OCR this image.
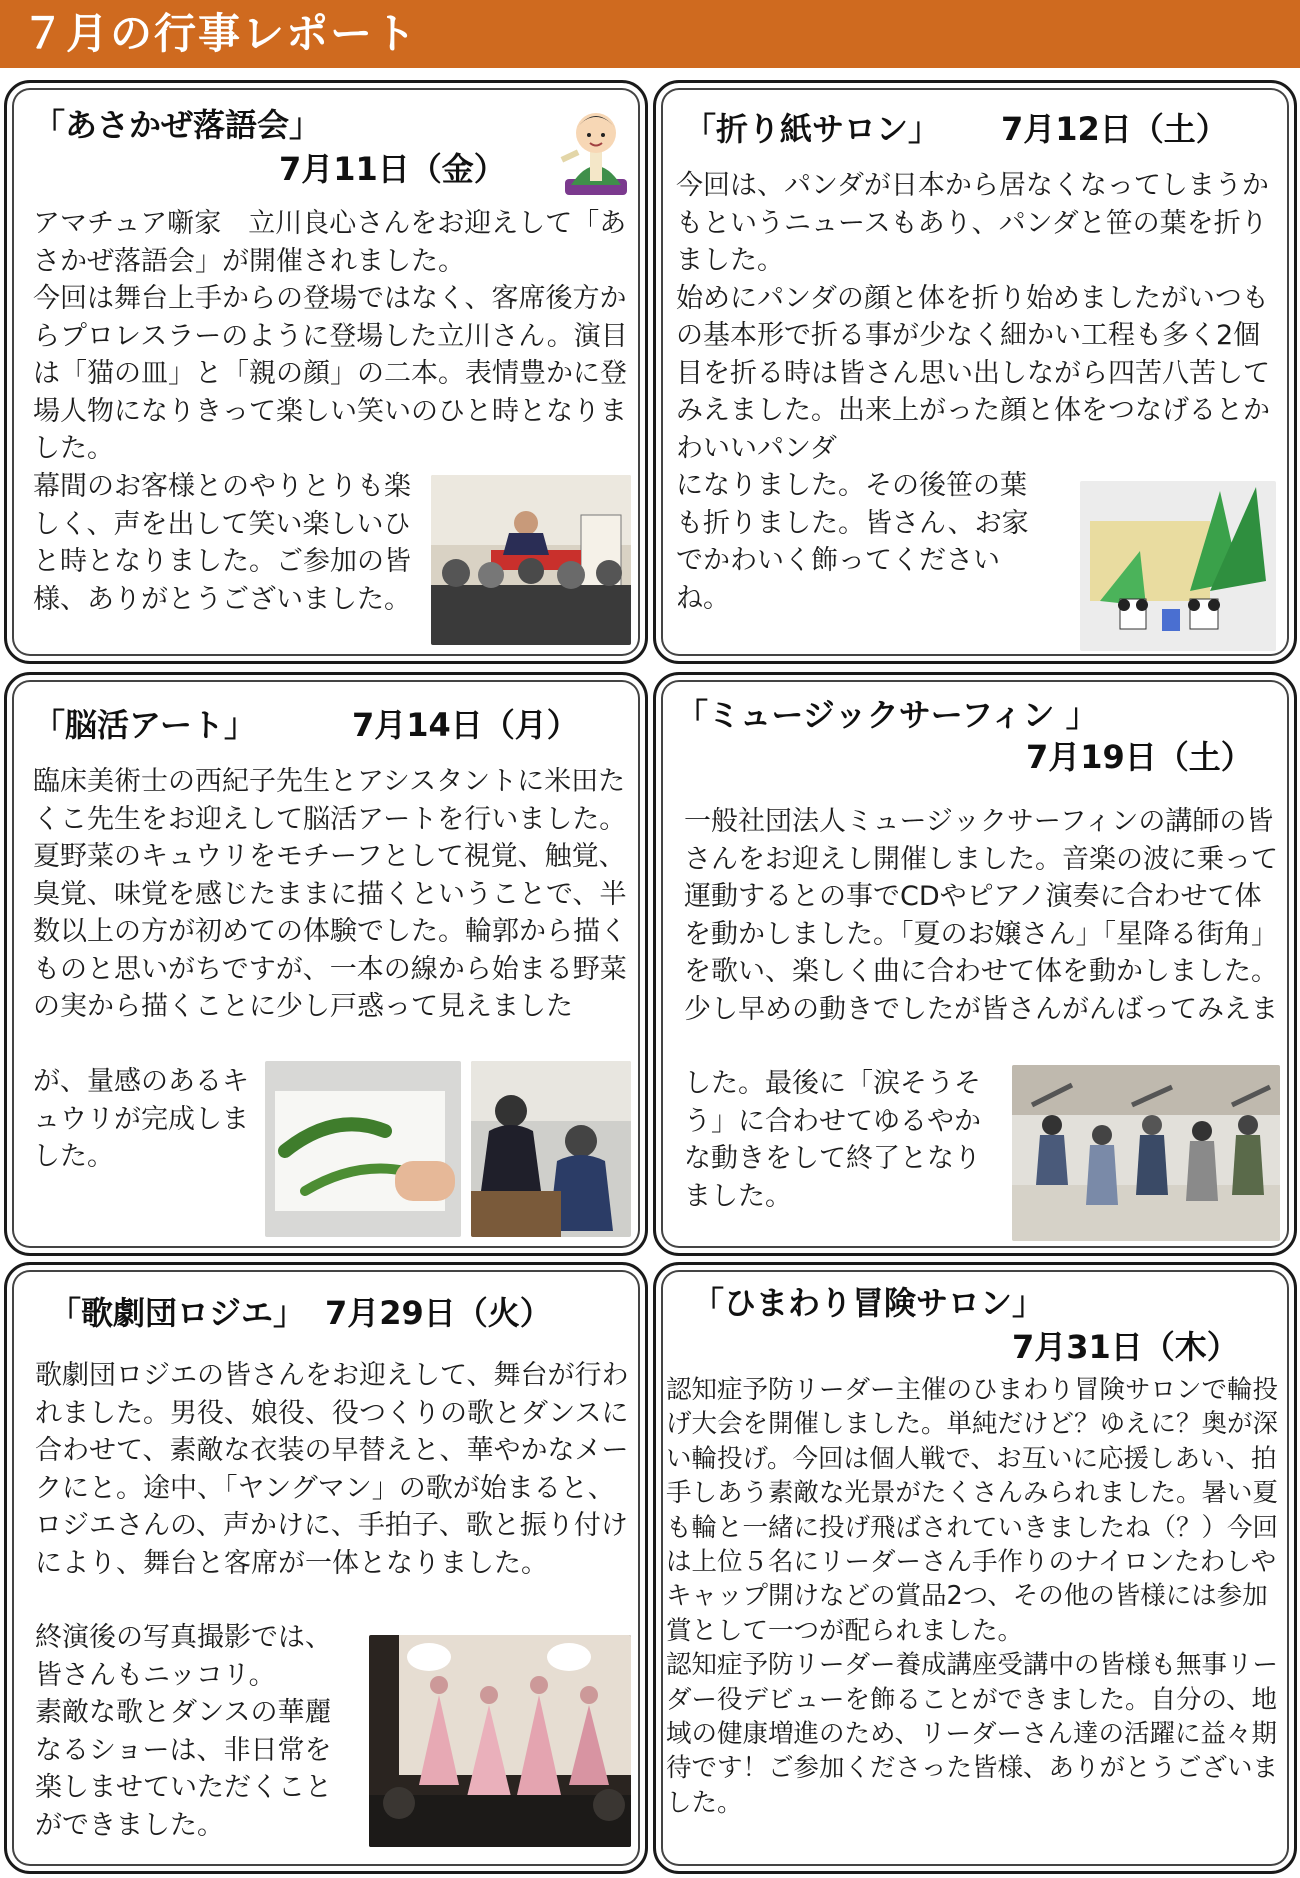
７月の行事レポート
「あさかぜ落語会」
7月11日（金）
アマチュア噺家　立川良心さんをお迎えして「あさかぜ落語会」が開催されました。
今回は舞台上手からの登場ではなく、客席後方からプロレスラーのように登場した立川さん。演目は「猫の皿」と「親の顔」の二本。表情豊かに登場人物になりきって楽しい笑いのひと時となりました。
幕間のお客様とのやりとりも楽しく、声を出して笑い楽しいひと時となりました。ご参加の皆様、ありがとうございました。
「折り紙サロン」 7月12日（土）
今回は、パンダが日本から居なくなってしまうかもというニュースもあり、パンダと笹の葉を折りました。
始めにパンダの顔と体を折り始めましたがいつもの基本形で折る事が少なく細かい工程も多く2個目を折る時は皆さん思い出しながら四苦八苦してみえました。出来上がった顔と体をつなげるとかわいいパンダ
になりました。その後笹の葉も折りました。皆さん、お家でかわいく飾ってくださいね。
「脳活アート」	7月14日（月）
臨床美術士の西紀子先生とアシスタントに米田たくこ先生をお迎えして脳活アートを行いました。夏野菜のキュウリをモチーフとして視覚、触覚、臭覚、味覚を感じたままに描くということで、半数以上の方が初めての体験でした。輪郭から描くものと思いがちですが、一本の線から始まる野菜の実から描くことに少し戸惑って見えました
が、量感のあるキュウリが完成しました。
「ミュージックサーフィン 」
7月19日（土）
一般社団法人ミュージックサーフィンの講師の皆さんをお迎えし開催しました。音楽の波に乗って運動するとの事でCDやピアノ演奏に合わせて体を動かしました。「夏のお嬢さん」「星降る街角」を歌い、楽しく曲に合わせて体を動かしました。少し早めの動きでしたが皆さんがんばってみえま
した。最後に「涙そうそう」に合わせてゆるやかな動きをして終了となりました。
「歌劇団ロジエ」 7月29日（火）
歌劇団ロジエの皆さんをお迎えして、舞台が行われました。男役、娘役、役つくりの歌とダンスに合わせて、素敵な衣装の早替えと、華やかなメークにと。途中、「ヤングマン」の歌が始まると、ロジエさんの、声かけに、手拍子、歌と振り付けにより、舞台と客席が一体となりました。
終演後の写真撮影では、皆さんもニッコリ。
素敵な歌とダンスの華麗なるショーは、非日常を楽しませていただくことができました。
「ひまわり冒険サロン」
7月31日（木）
認知症予防リーダー主催のひまわり冒険サロンで輪投げ大会を開催しました。単純だけど？ゆえに？奥が深い輪投げ。今回は個人戦で、お互いに応援しあい、拍手しあう素敵な光景がたくさんみられました。暑い夏も輪と一緒に投げ飛ばされていきましたね（？）今回は上位５名にリーダーさん手作りのナイロンたわしやキャップ開けなどの賞品2つ、その他の皆様には参加賞として一つが配られました。
認知症予防リーダー養成講座受講中の皆様も無事リーダー役デビューを飾ることができました。自分の、地域の健康増進のため、リーダーさん達の活躍に益々期待です！ご参加くださった皆様、ありがとうございました。
